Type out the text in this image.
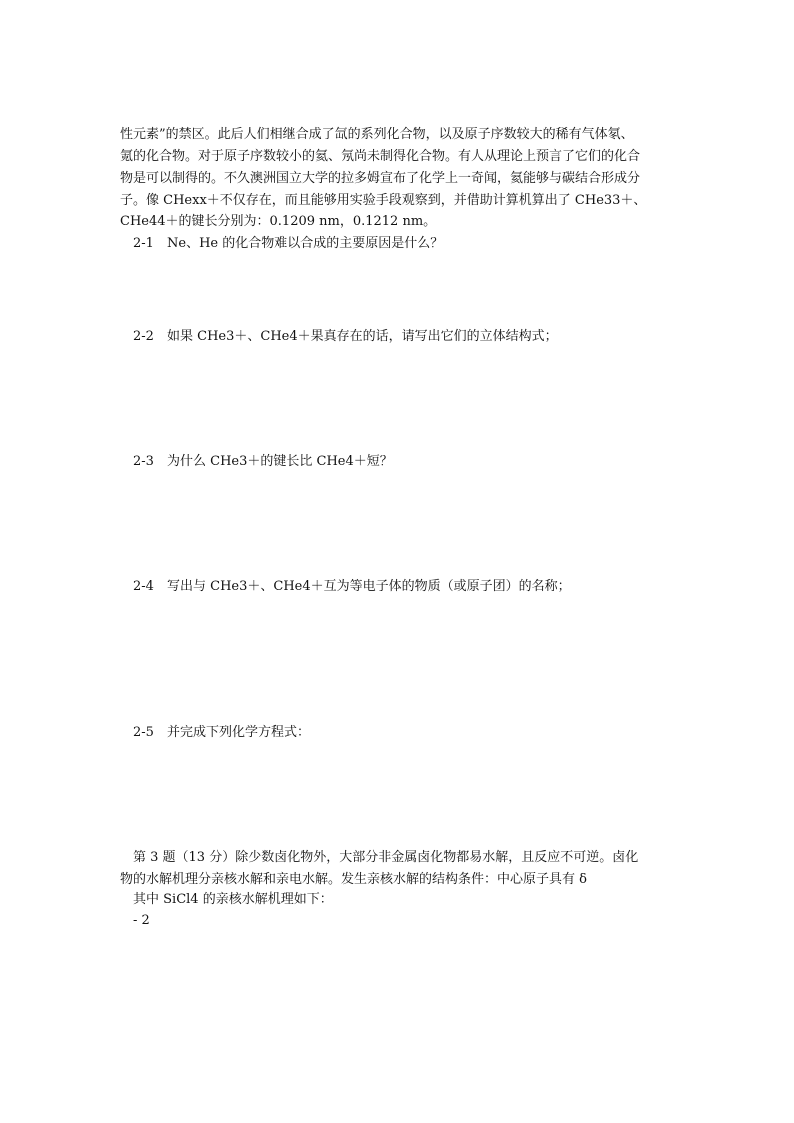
性元素”的禁区。此后人们相继合成了氙的系列化合物，以及原子序数较大的稀有气体氡、
氪的化合物。对于原子序数较小的氦、氖尚未制得化合物。有人从理论上预言了它们的化合
物是可以制得的。不久澳洲国立大学的拉多姆宣布了化学上一奇闻，氦能够与碳结合形成分
子。像 CHexx＋不仅存在，而且能够用实验手段观察到，并借助计算机算出了 CHe33＋、
CHe44＋的键长分别为：0.1209 nm，0.1212 nm。
2-1 Ne、He 的化合物难以合成的主要原因是什么？
2-2 如果 CHe3＋、CHe4＋果真存在的话，请写出它们的立体结构式；
2-3 为什么 CHe3＋的键长比 CHe4＋短？
2-4 写出与 CHe3＋、CHe4＋互为等电子体的物质（或原子团）的名称；
2-5 并完成下列化学方程式：
第 3 题（13 分）除少数卤化物外，大部分非金属卤化物都易水解，且反应不可逆。卤化
物的水解机理分亲核水解和亲电水解。发生亲核水解的结构条件：中心原子具有 δ
其中 SiCl4 的亲核水解机理如下：
- 2
